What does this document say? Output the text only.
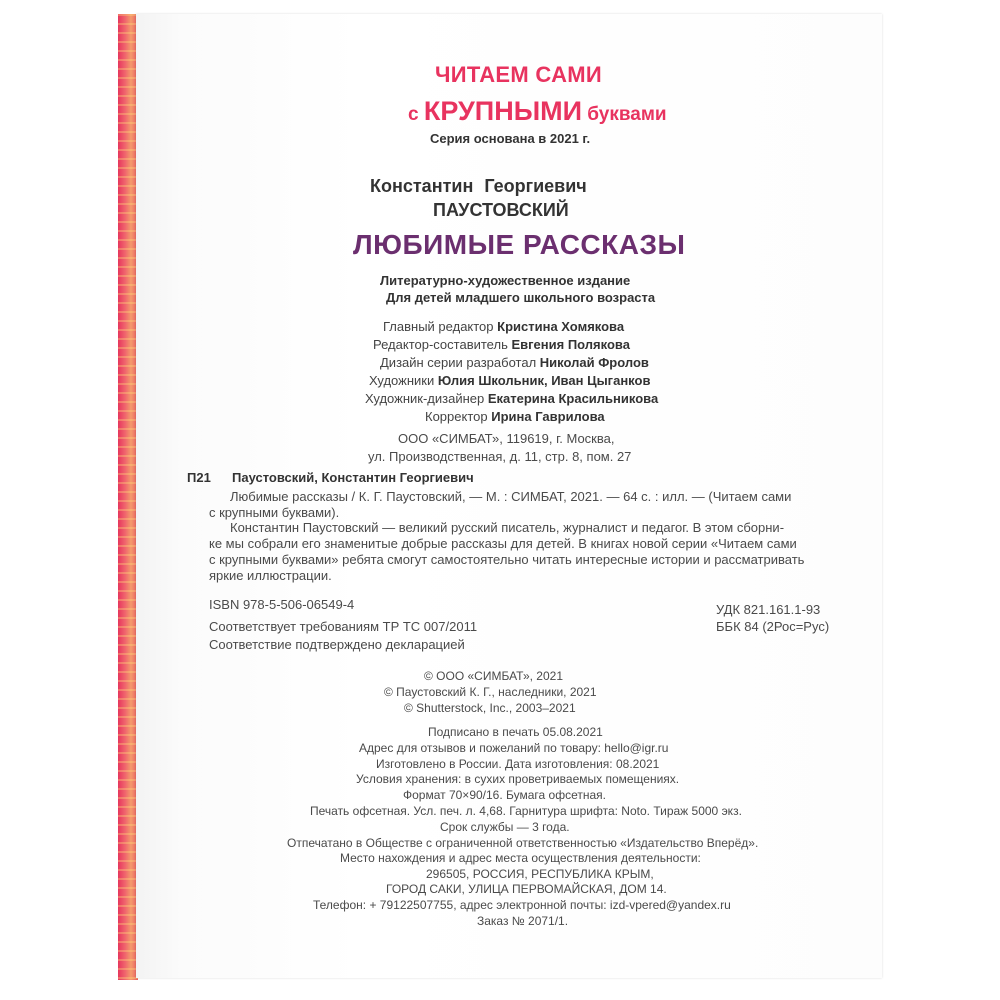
ЧИТАЕМ САМИ
с КРУПНЫМИ буквами
Серия основана в 2021 г.
Константин Георгиевич
ПАУСТОВСКИЙ
ЛЮБИМЫЕ РАССКАЗЫ
Литературно-художественное издание
Для детей младшего школьного возраста
Главный редактор Кристина Хомякова
Редактор-составитель Евгения Полякова
Дизайн серии разработал Николай Фролов
Художники Юлия Школьник, Иван Цыганков
Художник-дизайнер Екатерина Красильникова
Корректор Ирина Гаврилова
ООО «СИМБАТ», 119619, г. Москва,
ул. Производственная, д. 11, стр. 8, пом. 27
П21 Паустовский, Константин Георгиевич
Любимые рассказы / К. Г. Паустовский, — М. : СИМБАТ, 2021. — 64 с. : илл. — (Читаем сами
с крупными буквами).
Константин Паустовский — великий русский писатель, журналист и педагог. В этом сборни-
ке мы собрали его знаменитые добрые рассказы для детей. В книгах новой серии «Читаем сами
с крупными буквами» ребята смогут самостоятельно читать интересные истории и рассматривать
яркие иллюстрации.
ISBN 978-5-506-06549-4	УДК 821.161.1-93
ББК 84 (2Рос=Рус)
Соответствует требованиям ТР ТС 007/2011
Соответствие подтверждено декларацией
© ООО «СИМБАТ», 2021
© Паустовский К. Г., наследники, 2021
© Shutterstock, Inc., 2003–2021
Подписано в печать 05.08.2021
Адрес для отзывов и пожеланий по товару: hello@igr.ru
Изготовлено в России. Дата изготовления: 08.2021
Условия хранения: в сухих проветриваемых помещениях.
Формат 70×90/16. Бумага офсетная.
Печать офсетная. Усл. печ. л. 4,68. Гарнитура шрифта: Noto. Тираж 5000 экз.
Срок службы — 3 года.
Отпечатано в Обществе с ограниченной ответственностью «Издательство Вперёд».
Место нахождения и адрес места осуществления деятельности:
296505, РОССИЯ, РЕСПУБЛИКА КРЫМ,
ГОРОД САКИ, УЛИЦА ПЕРВОМАЙСКАЯ, ДОМ 14.
Телефон: + 79122507755, адрес электронной почты: izd-vpered@yandex.ru
Заказ № 2071/1.
